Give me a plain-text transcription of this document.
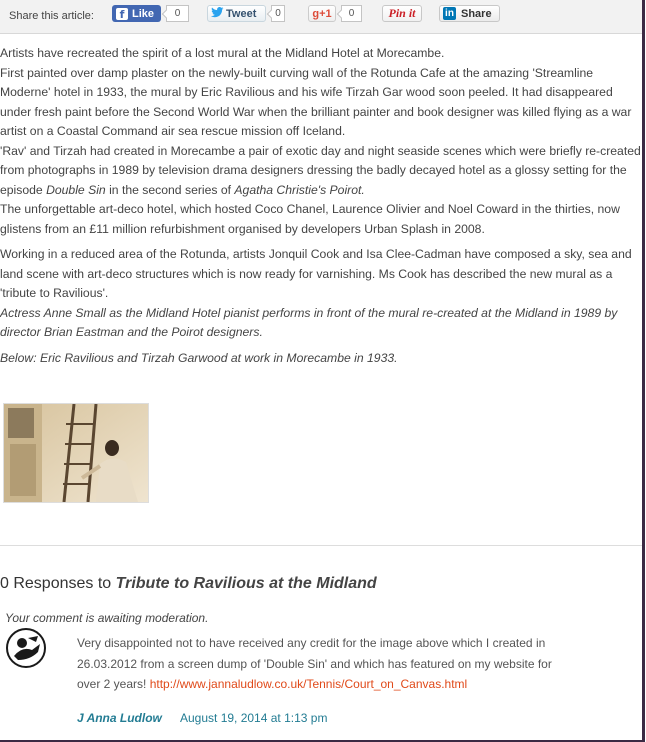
Share this article:	f Like	0	Tweet	0	g+1	0	Pin it	in Share

Artists have recreated the spirit of a lost mural at the Midland Hotel at Morecambe.

First painted over damp plaster on the newly-built curving wall of the Rotunda Cafe at the amazing 'Streamline Moderne' hotel in 1933, the mural by Eric Ravilious and his wife Tirzah Gar wood soon peeled. It had disappeared under fresh paint before the Second World War when the brilliant painter and book designer was killed flying as a war artist on a Coastal Command air sea rescue mission off Iceland.

'Rav' and Tirzah had created in Morecambe a pair of exotic day and night seaside scenes which were briefly re-created from photographs in 1989 by television drama designers dressing the badly decayed hotel as a glossy setting for the episode Double Sin in the second series of Agatha Christie's Poirot.

The unforgettable art-deco hotel, which hosted Coco Chanel, Laurence Olivier and Noel Coward in the thirties, now glistens from an £11 million refurbishment organised by developers Urban Splash in 2008.

Working in a reduced area of the Rotunda, artists Jonquil Cook and Isa Clee-Cadman have composed a sky, sea and land scene with art-deco structures which is now ready for varnishing. Ms Cook has described the new mural as a 'tribute to Ravilious'.

Actress Anne Small as the Midland Hotel pianist performs in front of the mural re-created at the Midland in 1989 by director Brian Eastman and the Poirot designers.

Below: Eric Ravilious and Tirzah Garwood at work in Morecambe in 1933.

0 Responses to Tribute to Ravilious at the Midland
Your comment is awaiting moderation.
Very disappointed not to have received any credit for the image above which I created in 26.03.2012 from a screen dump of 'Double Sin' and which has featured on my website for over 2 years! http://www.jannaludlow.co.uk/Tennis/Court_on_Canvas.html
J Anna Ludlow August 19, 2014 at 1:13 pm
